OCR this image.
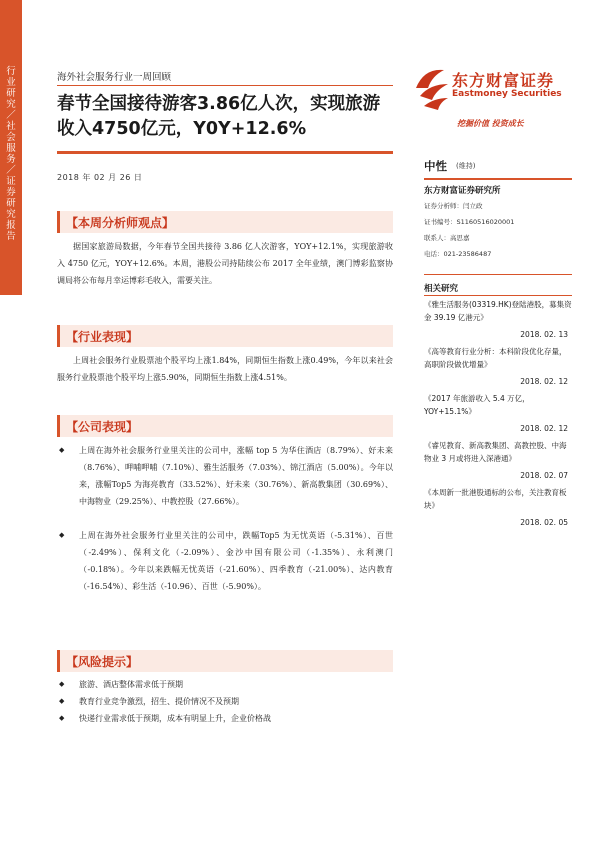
行业研究／社会服务／证券研究报告
海外社会服务行业一周回顾
春节全国接待游客3.86亿人次，实现旅游收入4750亿元，Y0Y+12.6%
2018 年 02 月 26 日
东方财富证券
Eastmoney Securities
挖掘价值 投资成长
中性 (维持)
东方财富证券研究所
证券分析师：闫立政
证书编号：S1160516020001
联系人：高思嘉
电话：021-23586487
相关研究
《雅生活服务(03319.HK)登陆港股，募集资金 39.19 亿港元》
2018. 02. 13
《高等教育行业分析：本科阶段优化存量，高职阶段做优增量》
2018. 02. 12
《2017 年旅游收入 5.4 万亿，YOY+15.1%》
2018. 02. 12
《睿见教育、新高教集团、高教控股、中海物业 3 月或将进入深港通》
2018. 02. 07
《本周新一批港股通标的公布，关注教育板块》
2018. 02. 05
【本周分析师观点】
据国家旅游局数据，今年春节全国共接待 3.86 亿人次游客，YOY+12.1%，实现旅游收入 4750 亿元，YOY+12.6%。本周，港股公司持陆续公布 2017 全年业绩，澳门博彩监察协调局将公布每月幸运博彩毛收入，需要关注。
【行业表现】
上周社会服务行业股票池个股平均上涨1.84%，同期恒生指数上涨0.49%，今年以来社会服务行业股票池个股平均上涨5.90%，同期恒生指数上涨4.51%。
【公司表现】
◆ 上周在海外社会服务行业里关注的公司中，涨幅 top 5 为华住酒店（8.79%）、好未来（8.76%）、呷哺呷哺（7.10%）、雅生活服务（7.03%）、锦江酒店（5.00%）。今年以来，涨幅Top5 为海亮教育（33.52%）、好未来（30.76%）、新高教集团（30.69%）、中海物业（29.25%）、中教控股（27.66%）。
◆ 上周在海外社会服务行业里关注的公司中，跌幅Top5 为无忧英语（-5.31%）、百世（-2.49%）、保利文化（-2.09%）、金沙中国有限公司（-1.35%）、永利澳门（-0.18%）。今年以来跌幅无忧英语（-21.60%）、四季教育（-21.00%）、达内教育（-16.54%）、彩生活（-10.96）、百世（-5.90%）。
【风险提示】
◆ 旅游、酒店整体需求低于预期
◆ 教育行业竞争激烈，招生、提价情况不及预期
◆ 快递行业需求低于预期，成本有明显上升，企业价格战
